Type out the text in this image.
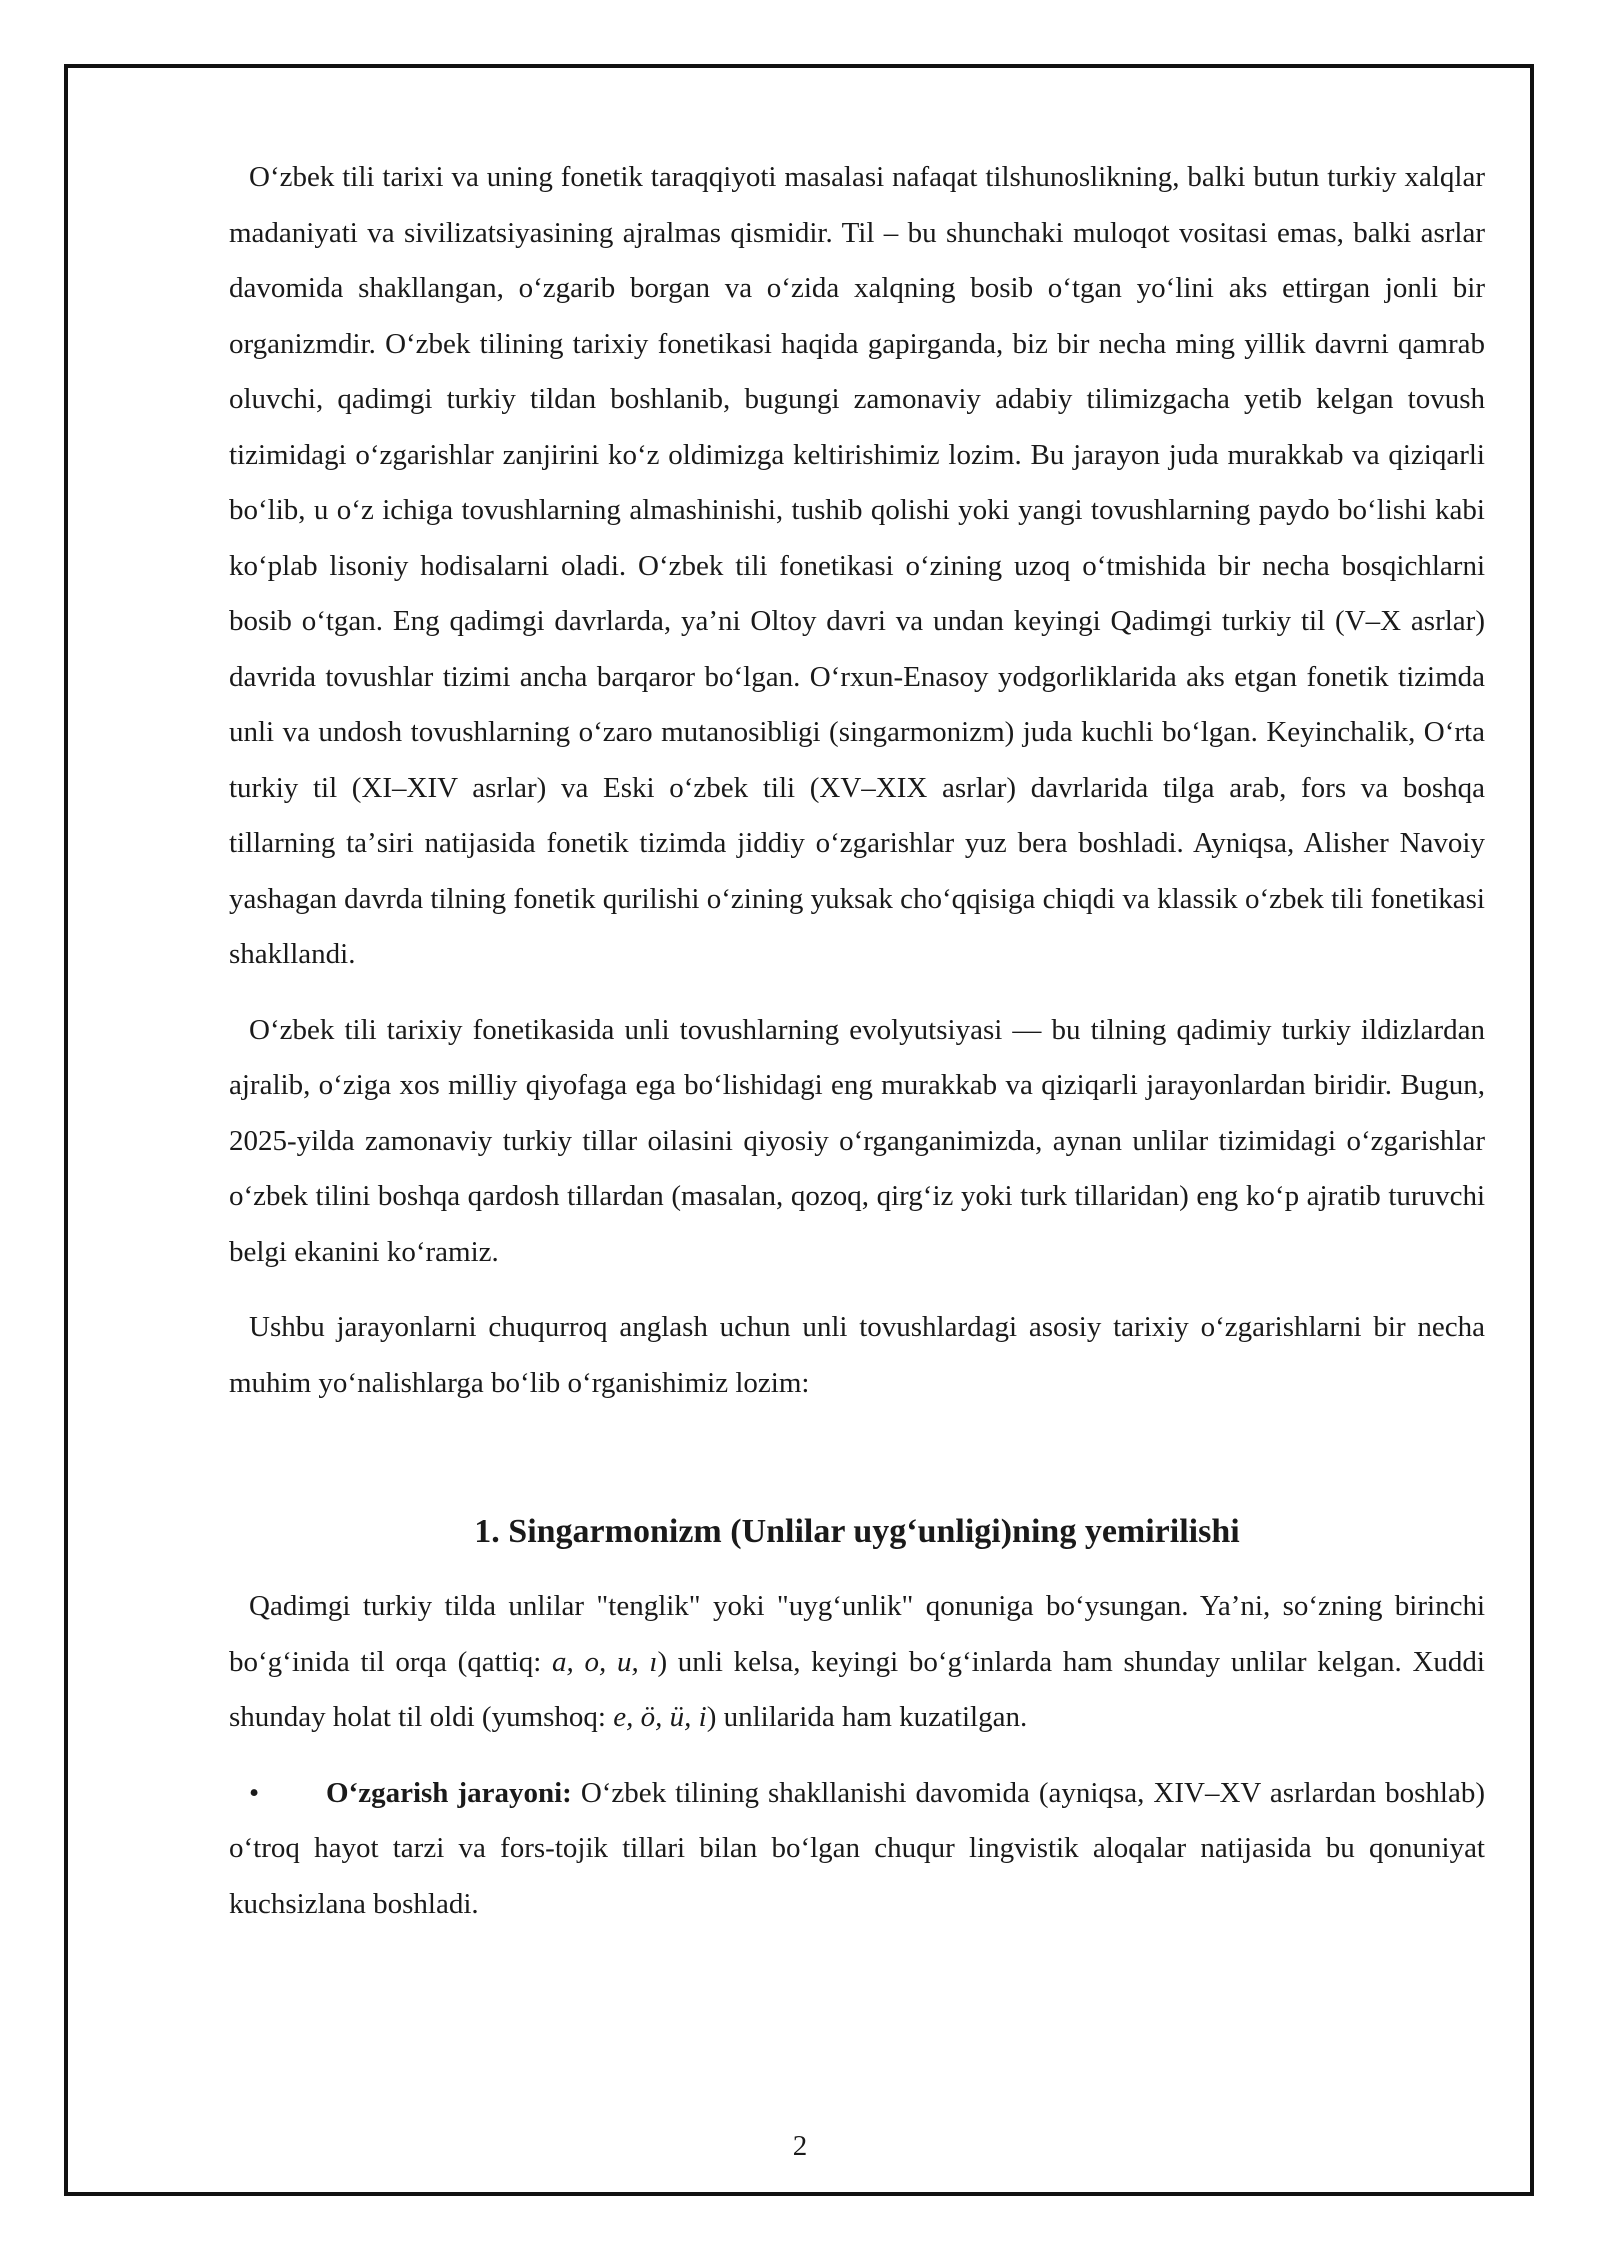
Oʻzbek tili tarixi va uning fonetik taraqqiyoti masalasi nafaqat tilshunoslikning, balki butun turkiy xalqlar madaniyati va sivilizatsiyasining ajralmas qismidir. Til – bu shunchaki muloqot vositasi emas, balki asrlar davomida shakllangan, oʻzgarib borgan va oʻzida xalqning bosib oʻtgan yoʻlini aks ettirgan jonli bir organizmdir. Oʻzbek tilining tarixiy fonetikasi haqida gapirganda, biz bir necha ming yillik davrni qamrab oluvchi, qadimgi turkiy tildan boshlanib, bugungi zamonaviy adabiy tilimizgacha yetib kelgan tovush tizimidagi oʻzgarishlar zanjirini koʻz oldimizga keltirishimiz lozim. Bu jarayon juda murakkab va qiziqarli boʻlib, u oʻz ichiga tovushlarning almashinishi, tushib qolishi yoki yangi tovushlarning paydo boʻlishi kabi koʻplab lisoniy hodisalarni oladi. Oʻzbek tili fonetikasi oʻzining uzoq oʻtmishida bir necha bosqichlarni bosib oʻtgan. Eng qadimgi davrlarda, yaʼni Oltoy davri va undan keyingi Qadimgi turkiy til (V–X asrlar) davrida tovushlar tizimi ancha barqaror boʻlgan. Oʻrxun-Enasoy yodgorliklarida aks etgan fonetik tizimda unli va undosh tovushlarning oʻzaro mutanosibligi (singarmonizm) juda kuchli boʻlgan. Keyinchalik, Oʻrta turkiy til (XI–XIV asrlar) va Eski oʻzbek tili (XV–XIX asrlar) davrlarida tilga arab, fors va boshqa tillarning taʼsiri natijasida fonetik tizimda jiddiy oʻzgarishlar yuz bera boshladi. Ayniqsa, Alisher Navoiy yashagan davrda tilning fonetik qurilishi oʻzining yuksak choʻqqisiga chiqdi va klassik oʻzbek tili fonetikasi shakllandi.

Oʻzbek tili tarixiy fonetikasida unli tovushlarning evolyutsiyasi — bu tilning qadimiy turkiy ildizlardan ajralib, oʻziga xos milliy qiyofaga ega boʻlishidagi eng murakkab va qiziqarli jarayonlardan biridir. Bugun, 2025-yilda zamonaviy turkiy tillar oilasini qiyosiy oʻrganganimizda, aynan unlilar tizimidagi oʻzgarishlar oʻzbek tilini boshqa qardosh tillardan (masalan, qozoq, qirgʻiz yoki turk tillaridan) eng koʻp ajratib turuvchi belgi ekanini koʻramiz.

Ushbu jarayonlarni chuqurroq anglash uchun unli tovushlardagi asosiy tarixiy oʻzgarishlarni bir necha muhim yoʻnalishlarga boʻlib oʻrganishimiz lozim:

1. Singarmonizm (Unlilar uygʻunligi)ning yemirilishi

Qadimgi turkiy tilda unlilar "tenglik" yoki "uygʻunlik" qonuniga boʻysungan. Yaʼni, soʻzning birinchi boʻgʻinida til orqa (qattiq: a, o, u, ı) unli kelsa, keyingi boʻgʻinlarda ham shunday unlilar kelgan. Xuddi shunday holat til oldi (yumshoq: e, ö, ü, i) unlilarida ham kuzatilgan.

• Oʻzgarish jarayoni: Oʻzbek tilining shakllanishi davomida (ayniqsa, XIV–XV asrlardan boshlab) oʻtroq hayot tarzi va fors-tojik tillari bilan boʻlgan chuqur lingvistik aloqalar natijasida bu qonuniyat kuchsizlana boshladi.

2
